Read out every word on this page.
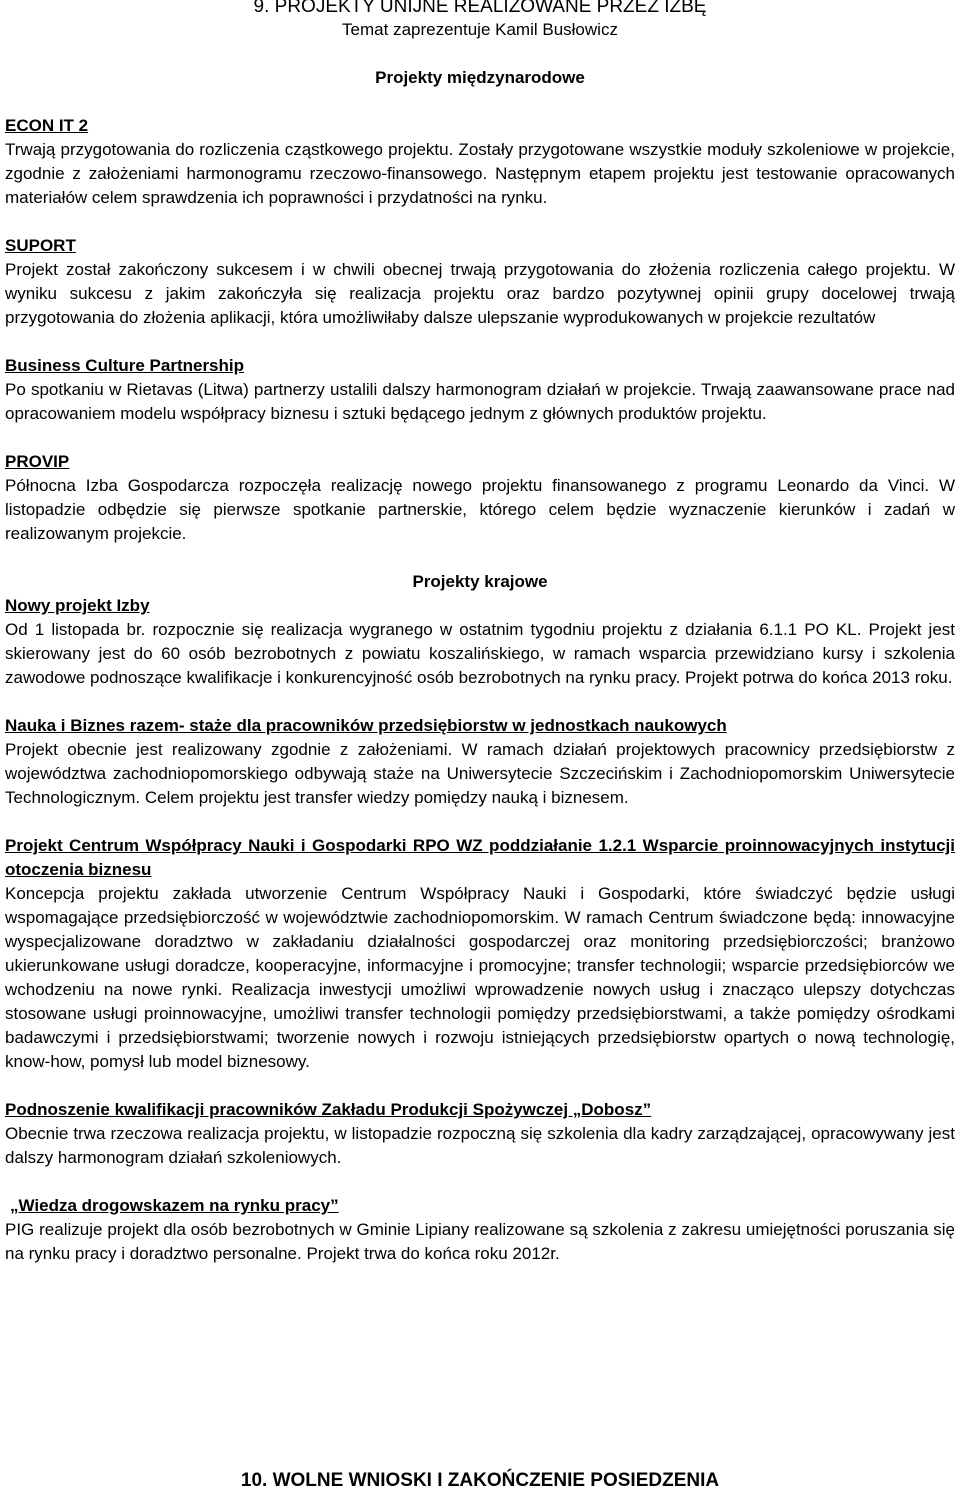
9. PROJEKTY UNIJNE REALIZOWANE PRZEZ IZBĘ
Temat zaprezentuje Kamil Busłowicz
Projekty międzynarodowe
ECON IT 2

Trwają przygotowania do rozliczenia cząstkowego projektu. Zostały przygotowane wszystkie moduły szkoleniowe w projekcie, zgodnie z założeniami harmonogramu rzeczowo-finansowego. Następnym etapem projektu jest testowanie opracowanych materiałów celem sprawdzenia ich poprawności i przydatności na rynku.

SUPORT

Projekt został zakończony sukcesem i w chwili obecnej trwają przygotowania do złożenia rozliczenia całego projektu. W wyniku sukcesu z jakim zakończyła się realizacja projektu oraz bardzo pozytywnej opinii grupy docelowej trwają przygotowania do złożenia aplikacji, która umożliwiłaby dalsze ulepszanie wyprodukowanych w projekcie rezultatów

Business Culture Partnership

Po spotkaniu w Rietavas (Litwa) partnerzy ustalili dalszy harmonogram działań w projekcie. Trwają zaawansowane prace nad opracowaniem modelu współpracy biznesu i sztuki będącego jednym z głównych produktów projektu.

PROVIP

Północna Izba Gospodarcza rozpoczęła realizację nowego projektu finansowanego z programu Leonardo da Vinci. W listopadzie odbędzie się pierwsze spotkanie partnerskie, którego celem będzie wyznaczenie kierunków i zadań w realizowanym projekcie.

Projekty krajowe
Nowy projekt Izby

Od 1 listopada br. rozpocznie się realizacja wygranego w ostatnim tygodniu projektu z działania 6.1.1 PO KL. Projekt jest skierowany jest do 60 osób bezrobotnych z powiatu koszalińskiego, w ramach wsparcia przewidziano kursy i szkolenia zawodowe podnoszące kwalifikacje i konkurencyjność osób bezrobotnych na rynku pracy. Projekt potrwa do końca 2013 roku.

Nauka i Biznes razem- staże dla pracowników przedsiębiorstw w jednostkach naukowych

Projekt obecnie jest realizowany zgodnie z założeniami. W ramach działań projektowych pracownicy przedsiębiorstw z województwa zachodniopomorskiego odbywają staże na Uniwersytecie Szczecińskim i Zachodniopomorskim Uniwersytecie Technologicznym. Celem projektu jest transfer wiedzy pomiędzy nauką i biznesem.

Projekt Centrum Współpracy Nauki i Gospodarki RPO WZ poddziałanie 1.2.1 Wsparcie proinnowacyjnych instytucji otoczenia biznesu

Koncepcja projektu zakłada utworzenie Centrum Współpracy Nauki i Gospodarki, które świadczyć będzie usługi wspomagające przedsiębiorczość w województwie zachodniopomorskim. W ramach Centrum świadczone będą: innowacyjne wyspecjalizowane doradztwo w zakładaniu działalności gospodarczej oraz monitoring przedsiębiorczości; branżowo ukierunkowane usługi doradcze, kooperacyjne, informacyjne i promocyjne; transfer technologii; wsparcie przedsiębiorców we wchodzeniu na nowe rynki. Realizacja inwestycji umożliwi wprowadzenie nowych usług i znacząco ulepszy dotychczas stosowane usługi proinnowacyjne, umożliwi transfer technologii pomiędzy przedsiębiorstwami, a także pomiędzy ośrodkami badawczymi i przedsiębiorstwami; tworzenie nowych i rozwoju istniejących przedsiębiorstw opartych o nową technologię, know-how, pomysł lub model biznesowy.

Podnoszenie kwalifikacji pracowników Zakładu Produkcji Spożywczej „Dobosz”

Obecnie trwa rzeczowa realizacja projektu, w listopadzie rozpoczną się szkolenia dla kadry zarządzającej, opracowywany jest dalszy harmonogram działań szkoleniowych.

„Wiedza drogowskazem na rynku pracy”

PIG realizuje projekt dla osób bezrobotnych w Gminie Lipiany realizowane są szkolenia z zakresu umiejętności poruszania się na rynku pracy i doradztwo personalne. Projekt trwa do końca roku 2012r.

10. WOLNE WNIOSKI I ZAKOŃCZENIE POSIEDZENIA
